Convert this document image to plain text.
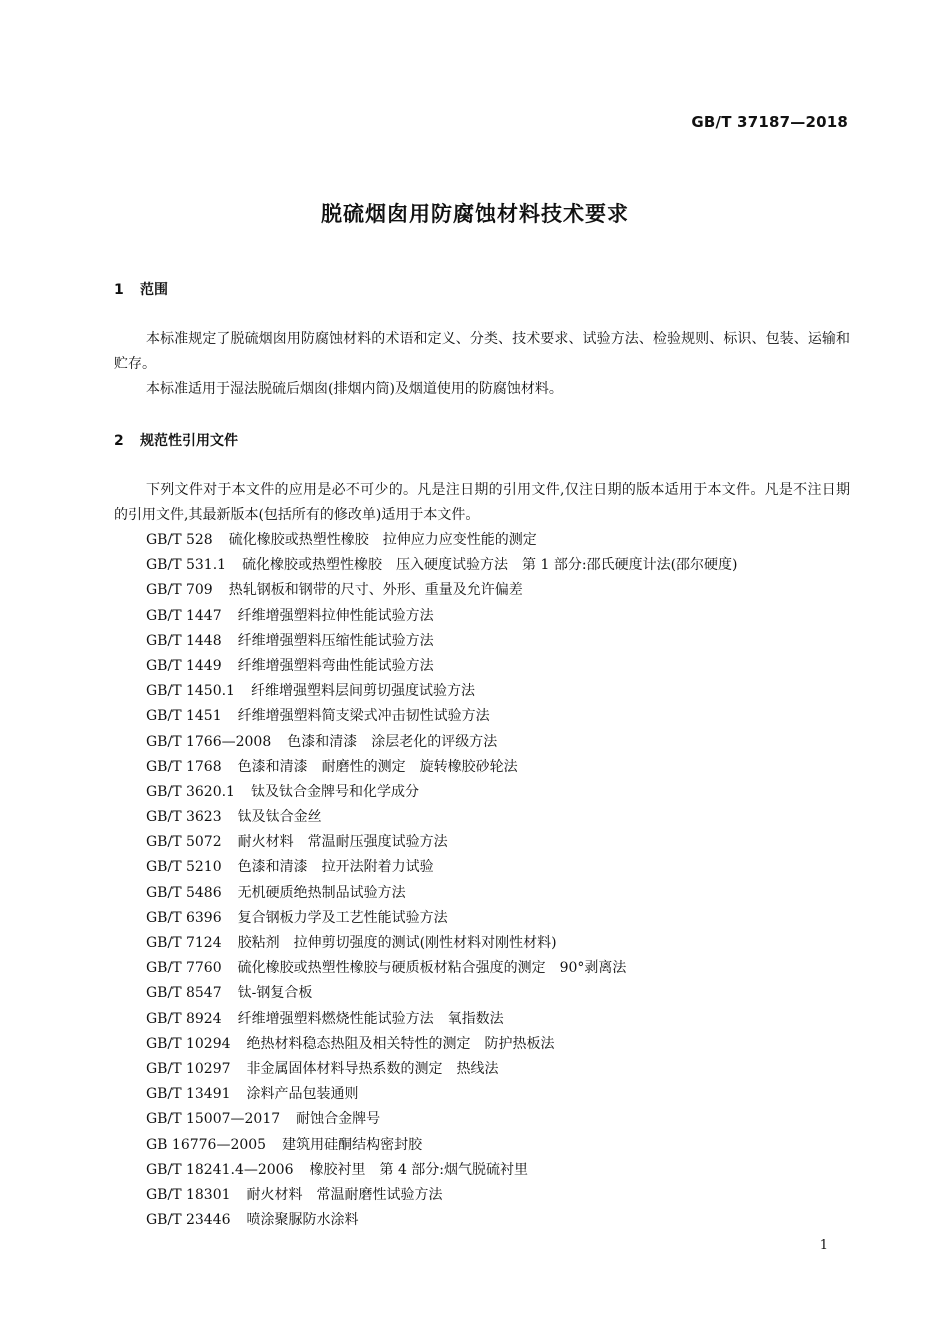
GB/T 37187—2018
脱硫烟囱用防腐蚀材料技术要求
1 范围
本标准规定了脱硫烟囱用防腐蚀材料的术语和定义、分类、技术要求、试验方法、检验规则、标识、包装、运输和贮存。
本标准适用于湿法脱硫后烟囱(排烟内筒)及烟道使用的防腐蚀材料。
2 规范性引用文件
下列文件对于本文件的应用是必不可少的。凡是注日期的引用文件,仅注日期的版本适用于本文件。凡是不注日期的引用文件,其最新版本(包括所有的修改单)适用于本文件。
GB/T 528 硫化橡胶或热塑性橡胶　拉伸应力应变性能的测定
GB/T 531.1 硫化橡胶或热塑性橡胶　压入硬度试验方法　第 1 部分:邵氏硬度计法(邵尔硬度)
GB/T 709 热轧钢板和钢带的尺寸、外形、重量及允许偏差
GB/T 1447 纤维增强塑料拉伸性能试验方法
GB/T 1448 纤维增强塑料压缩性能试验方法
GB/T 1449 纤维增强塑料弯曲性能试验方法
GB/T 1450.1 纤维增强塑料层间剪切强度试验方法
GB/T 1451 纤维增强塑料简支梁式冲击韧性试验方法
GB/T 1766—2008 色漆和清漆　涂层老化的评级方法
GB/T 1768 色漆和清漆　耐磨性的测定　旋转橡胶砂轮法
GB/T 3620.1 钛及钛合金牌号和化学成分
GB/T 3623 钛及钛合金丝
GB/T 5072 耐火材料　常温耐压强度试验方法
GB/T 5210 色漆和清漆　拉开法附着力试验
GB/T 5486 无机硬质绝热制品试验方法
GB/T 6396 复合钢板力学及工艺性能试验方法
GB/T 7124 胶粘剂　拉伸剪切强度的测试(刚性材料对刚性材料)
GB/T 7760 硫化橡胶或热塑性橡胶与硬质板材粘合强度的测定　90°剥离法
GB/T 8547 钛-钢复合板
GB/T 8924 纤维增强塑料燃烧性能试验方法　氧指数法
GB/T 10294 绝热材料稳态热阻及相关特性的测定　防护热板法
GB/T 10297 非金属固体材料导热系数的测定　热线法
GB/T 13491 涂料产品包装通则
GB/T 15007—2017 耐蚀合金牌号
GB 16776—2005 建筑用硅酮结构密封胶
GB/T 18241.4—2006 橡胶衬里　第 4 部分:烟气脱硫衬里
GB/T 18301 耐火材料　常温耐磨性试验方法
GB/T 23446 喷涂聚脲防水涂料
1
